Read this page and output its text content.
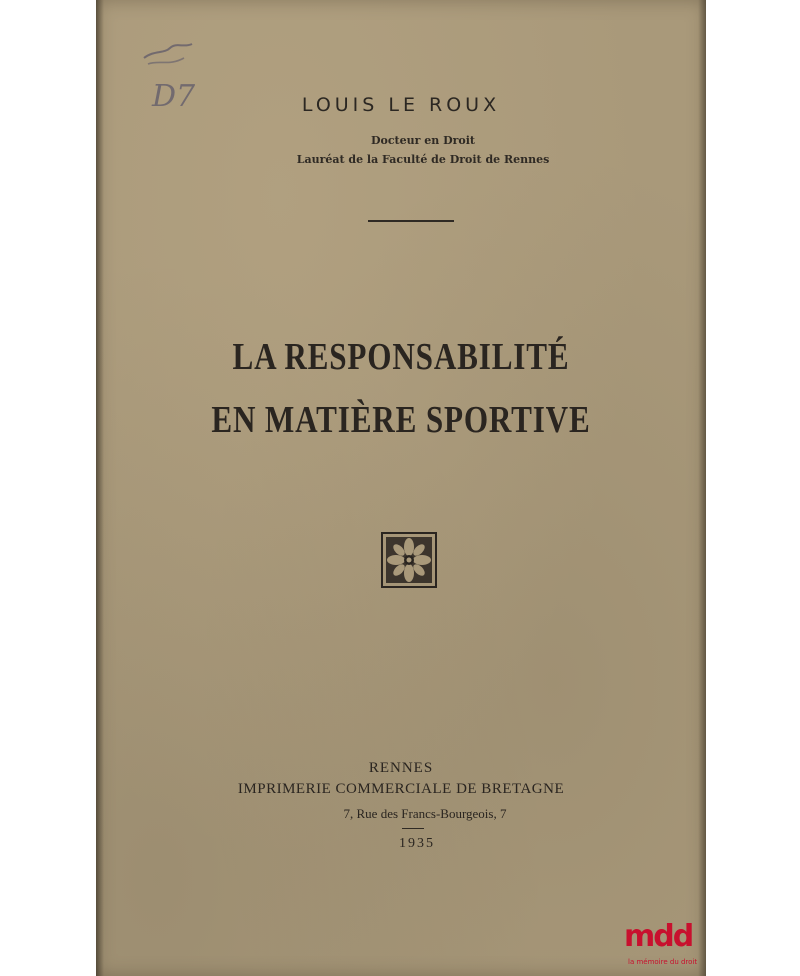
D7	LOUIS LE ROUX
Docteur en Droit
Lauréat de la Faculté de Droit de Rennes
LA RESPONSABILITÉ
EN MATIÈRE SPORTIVE
RENNES
IMPRIMERIE COMMERCIALE DE BRETAGNE
7, Rue des Francs-Bourgeois, 7
1935
mdd
la mémoire du droit
